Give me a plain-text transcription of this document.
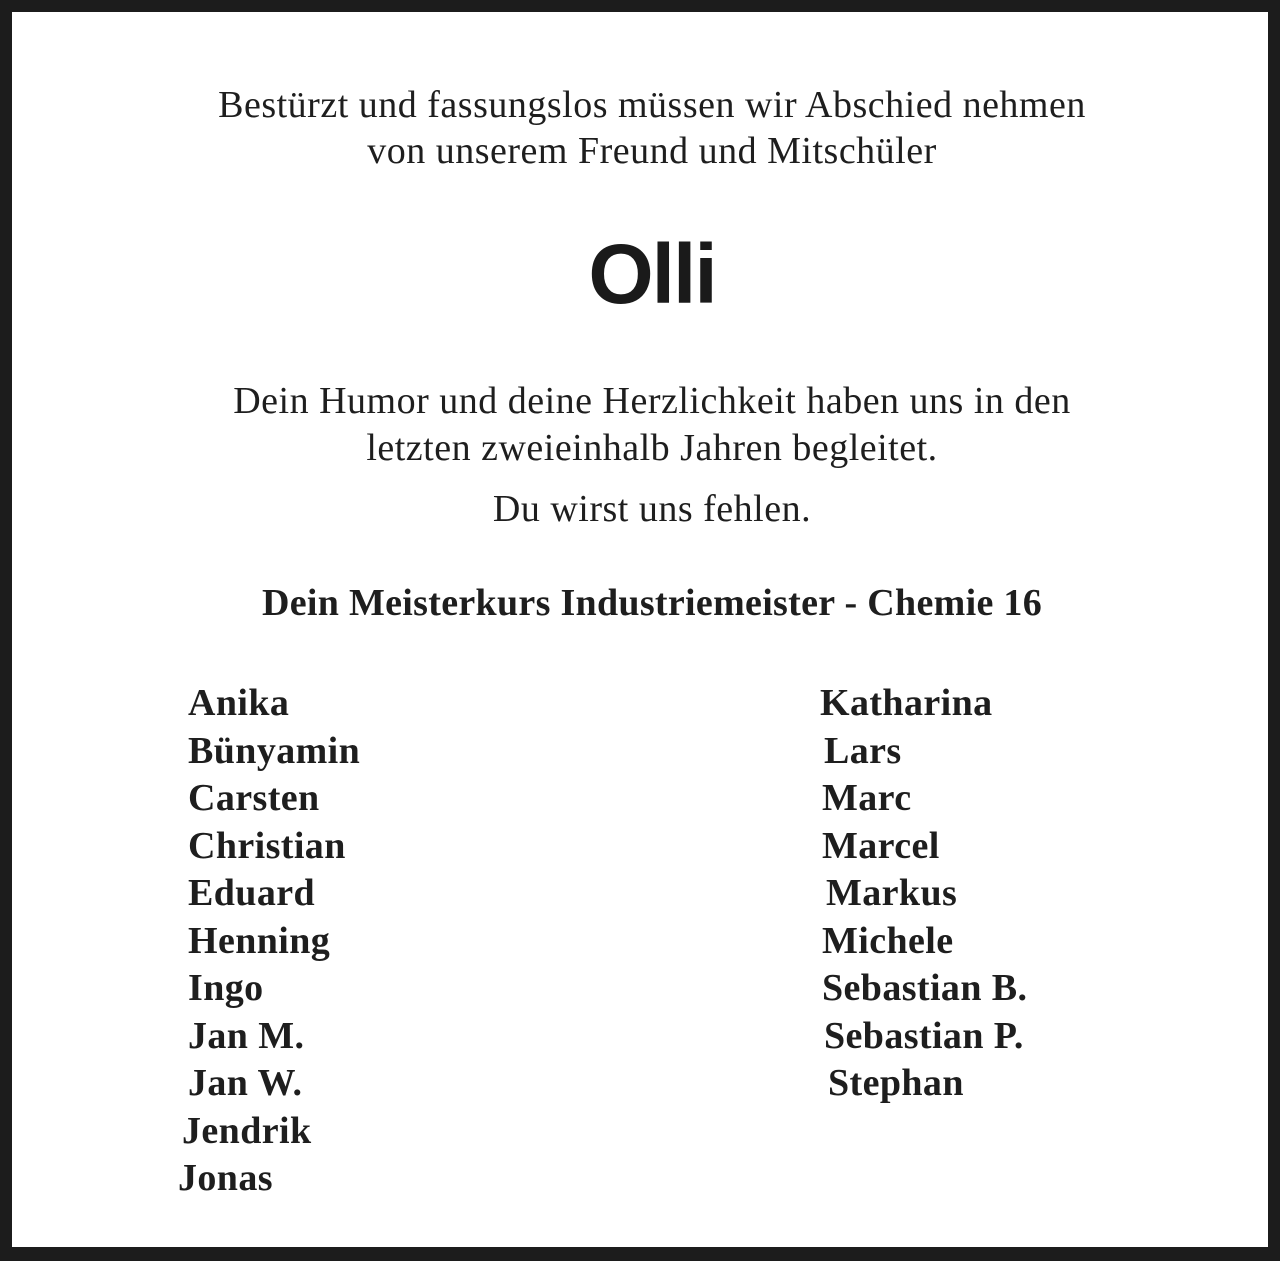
Bestürzt und fassungslos müssen wir Abschied nehmen
von unserem Freund und Mitschüler

Olli

Dein Humor und deine Herzlichkeit haben uns in den
letzten zweieinhalb Jahren begleitet.

Du wirst uns fehlen.

Dein Meisterkurs Industriemeister - Chemie 16

Anika
Bünyamin
Carsten
Christian
Eduard
Henning
Ingo
Jan M.
Jan W.
Jendrik
Jonas
Katharina
Lars
Marc
Marcel
Markus
Michele
Sebastian B.
Sebastian P.
Stephan
